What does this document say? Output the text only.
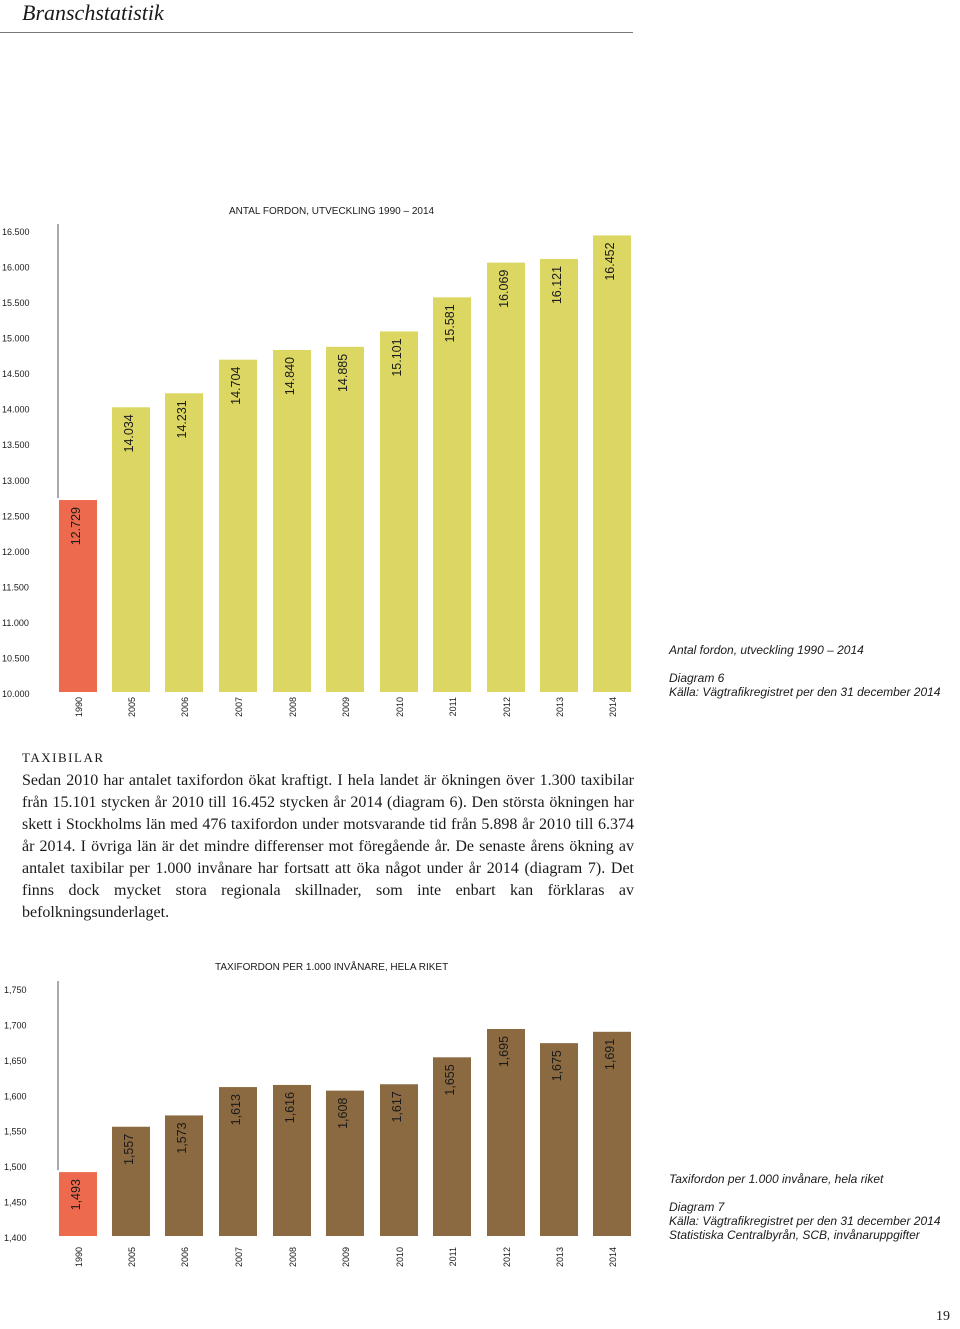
Branschstatistik
ANTAL FORDON, UTVECKLING 1990 – 2014
10.000
10.500
11.000
11.500
12.000
12.500
13.000
13.500
14.000
14.500
15.000
15.500
16.000
16.500
12.729
1990
14.034
2005
14.231
2006
14.704
2007
14.840
2008
14.885
2009
15.101
2010
15.581
2011
16.069
2012
16.121
2013
16.452
2014
TAXIFORDON PER 1.000 INVÅNARE, HELA RIKET
1,400
1,450
1,500
1,550
1,600
1,650
1,700
1,750
1,493
1990
1,557
2005
1,573
2006
1,613
2007
1,616
2008
1,608
2009
1,617
2010
1,655
2011
1,695
2012
1,675
2013
1,691
2014
Antal fordon, utveckling 1990 – 2014
Diagram 6
Källa: Vägtrafikregistret per den 31 december 2014
Taxifordon per 1.000 invånare, hela riket
Diagram 7
Källa: Vägtrafikregistret per den 31 december 2014
Statistiska Centralbyrån, SCB, invånaruppgifter
TAXIBILAR
Sedan 2010 har antalet taxifordon ökat kraftigt. I hela landet är ökningen över 1.300 taxibilar från 15.101 stycken år 2010 till 16.452 stycken år 2014 (diagram 6). Den största ökningen har skett i Stockholms län med 476 taxifordon under motsvarande tid från 5.898 år 2010 till 6.374 år 2014. I övriga län är det mindre differenser mot föregående år. De senaste årens ökning av antalet taxibilar per 1.000 invånare har fortsatt att öka något under år 2014 (diagram 7). Det finns dock mycket stora regionala skillnader, som inte enbart kan förklaras av befolkningsunderlaget.
19
